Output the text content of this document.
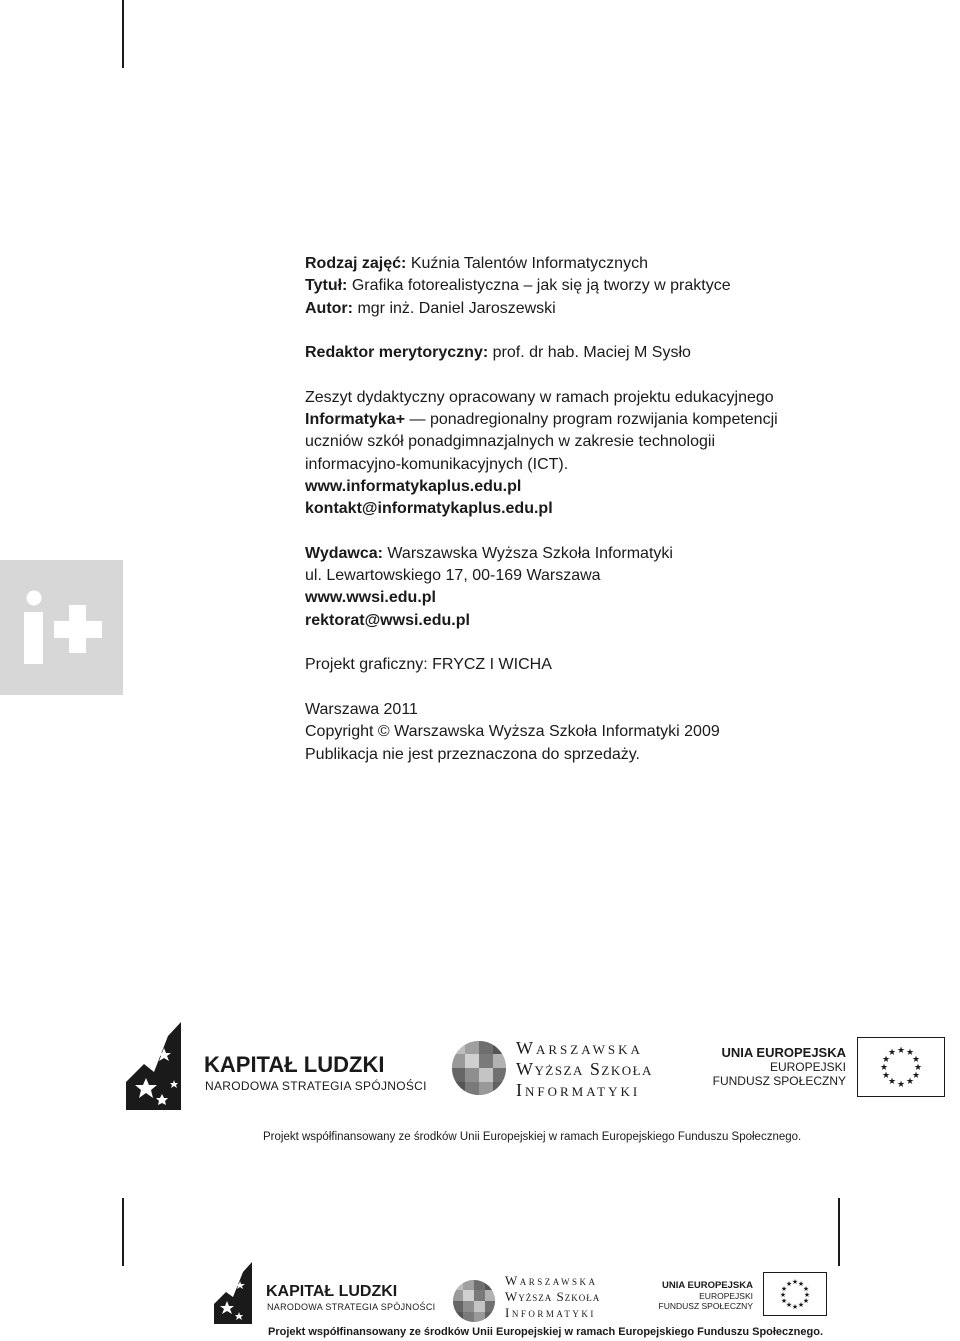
Rodzaj zajęć: Kuźnia Talentów Informatycznych
Tytuł: Grafika fotorealistyczna – jak się ją tworzy w praktyce
Autor: mgr inż. Daniel Jaroszewski
Redaktor merytoryczny: prof. dr hab. Maciej M Sysło
Zeszyt dydaktyczny opracowany w ramach projektu edukacyjnego
Informatyka+ — ponadregionalny program rozwijania kompetencji
uczniów szkół ponadgimnazjalnych w zakresie technologii
informacyjno-komunikacyjnych (ICT).
www.informatykaplus.edu.pl
kontakt@informatykaplus.edu.pl
Wydawca: Warszawska Wyższa Szkoła Informatyki
ul. Lewartowskiego 17, 00-169 Warszawa
www.wwsi.edu.pl
rektorat@wwsi.edu.pl
Projekt graficzny: FRYCZ I WICHA
Warszawa 2011
Copyright © Warszawska Wyższa Szkoła Informatyki 2009
Publikacja nie jest przeznaczona do sprzedaży.
KAPITAŁ LUDZKI
NARODOWA STRATEGIA SPÓJNOŚCI
Warszawska
Wyższa Szkoła
Informatyki
UNIA EUROPEJSKA
EUROPEJSKI
FUNDUSZ SPOŁECZNY
★ ★
★
★
★
★
★
★
★
★
★
★
Projekt współfinansowany ze środków Unii Europejskiej w ramach Europejskiego Funduszu Społecznego.
KAPITAŁ LUDZKI
NARODOWA STRATEGIA SPÓJNOŚCI
Warszawska
Wyższa Szkoła
Informatyki
UNIA EUROPEJSKA
EUROPEJSKI
FUNDUSZ SPOŁECZNY
★ ★
★
★
★
★
★
★
★
★
★
★
Projekt współfinansowany ze środków Unii Europejskiej w ramach Europejskiego Funduszu Społecznego.
